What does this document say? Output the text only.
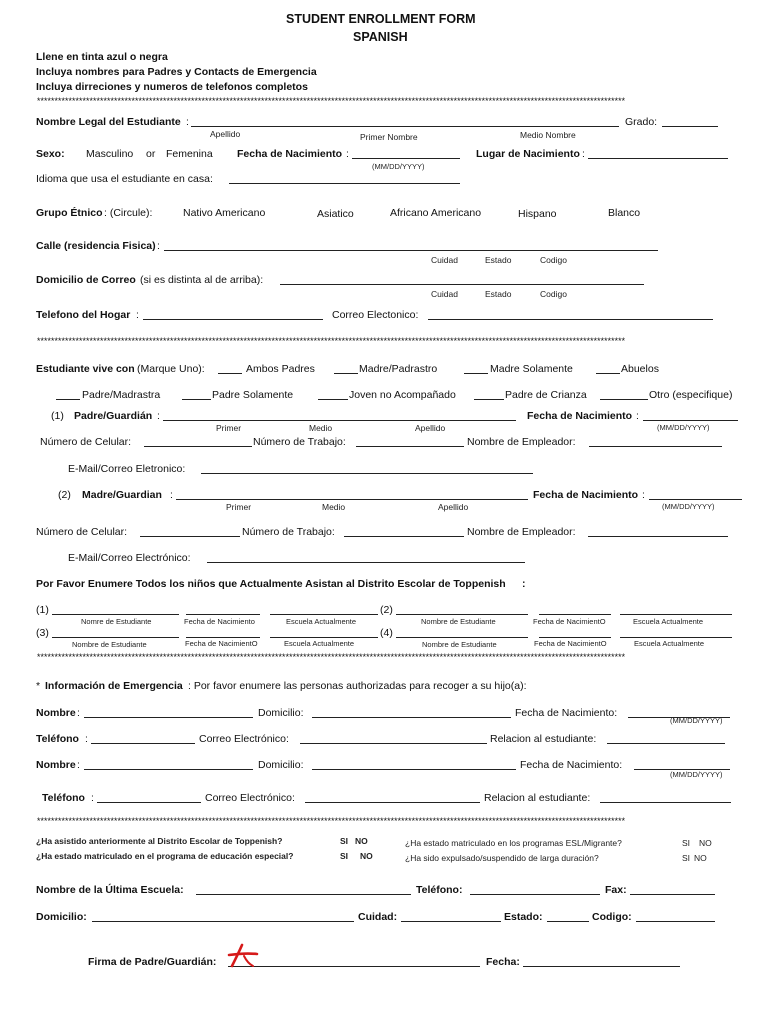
STUDENT ENROLLMENT FORM
SPANISH
Llene en tinta azul o negra
Incluya nombres para Padres y Contacts de Emergencia
Incluya dirreciones y numeros de telefonos completos
************************************************************************************************************************************************************************
Nombre Legal del Estudiante :	Grado:
Apellido	Primer Nombre	Medio Nombre
Sexo: Masculino or Femenina Fecha de Nacimiento :
(MM/DD/YYYY)
Lugar de Nacimiento :
Idioma que usa el estudiante en casa:
Grupo Étnico : (Circule):	Nativo Americano	Asiatico	Africano Americano	Hispano	Blanco
Calle (residencia Fisica) :
Cuidad	Estado	Codigo
Domicilio de Correo (si es distinta al de arriba):
Cuidad	Estado	Codigo
Telefono del Hogar :	Correo Electonico:
************************************************************************************************************************************************************************
Estudiante vive con (Marque Uno):	Ambos Padres	Madre/Padrastro	Madre Solamente	Abuelos
Padre/Madrastra	Padre Solamente	Joven no Acompañado	Padre de Crianza	Otro (especifique)
(1) Padre/Guardián :	Fecha de Nacimiento :
Primer	Medio	Apellido	(MM/DD/YYYY)
Número de Celular:	Número de Trabajo:	Nombre de Empleador:
E-Mail/Correo Eletronico:
(2) Madre/Guardian :	Fecha de Nacimiento :
Primer	Medio	Apellido	(MM/DD/YYYY)
Número de Celular:	Número de Trabajo:	Nombre de Empleador:
E-Mail/Correo Electrónico:
Por Favor Enumere Todos los niños que Actualmente Asistan al Distrito Escolar de Toppenish :
(1)
Nomre de Estudiante	Fecha de Nacimiento	Escuela Actualmente
(2)
Nombre de Estudiante	Fecha de NacimientO	Escuela Actualmente
(3)
Nombre de Estudiante	Fecha de NacimientO	Escuela Actualmente
(4)
Nombre de Estudiante	Fecha de NacimientO	Escuela Actualmente
************************************************************************************************************************************************************************
* Información de Emergencia : Por favor enumere las personas authorizadas para recoger a su hijo(a):
Nombre :	Domicilio:	Fecha de Nacimiento:
(MM/DD/YYYY)
Teléfono :	Correo Electrónico:	Relacion al estudiante:
Nombre :	Domicilio:	Fecha de Nacimiento:
(MM/DD/YYYY)
Teléfono :	Correo Electrónico:	Relacion al estudiante:
************************************************************************************************************************************************************************
¿Ha asistido anteriormente al Distrito Escolar de Toppenish?	SI NO
¿Ha estado matriculado en el programa de educación especial?	SI NO
¿Ha estado matriculado en los programas ESL/Migrante?	SI NO
¿Ha sido expulsado/suspendido de larga duración?	SI NO
Nombre de la Última Escuela:	Teléfono:	Fax:
Domicilio:	Cuidad:	Estado:	Codigo:
Firma de Padre/Guardián:	Fecha:
